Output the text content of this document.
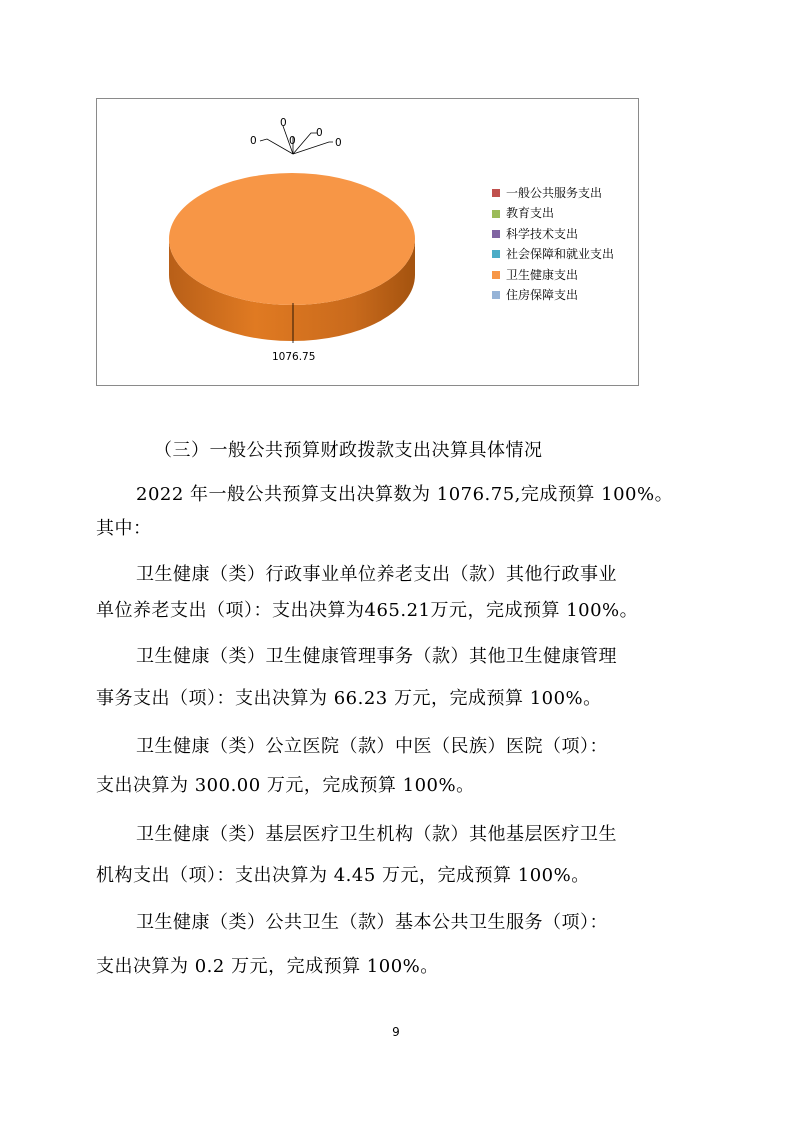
1076.75
0
0	0
0
0
一般公共服务支出
教育支出
科学技术支出
社会保障和就业支出
卫生健康支出
住房保障支出
（三）一般公共预算财政拨款支出决算具体情况
2022 年一般公共预算支出决算数为 1076.75,完成预算 100%。
其中：
卫生健康（类）行政事业单位养老支出（款）其他行政事业
单位养老支出（项）：支出决算为465.21万元，完成预算 100%。
卫生健康（类）卫生健康管理事务（款）其他卫生健康管理
事务支出（项）：支出决算为 66.23 万元，完成预算 100%。
卫生健康（类）公立医院（款）中医（民族）医院（项）：
支出决算为 300.00 万元，完成预算 100%。
卫生健康（类）基层医疗卫生机构（款）其他基层医疗卫生
机构支出（项）：支出决算为 4.45 万元，完成预算 100%。
卫生健康（类）公共卫生（款）基本公共卫生服务（项）：
支出决算为 0.2 万元，完成预算 100%。
9
